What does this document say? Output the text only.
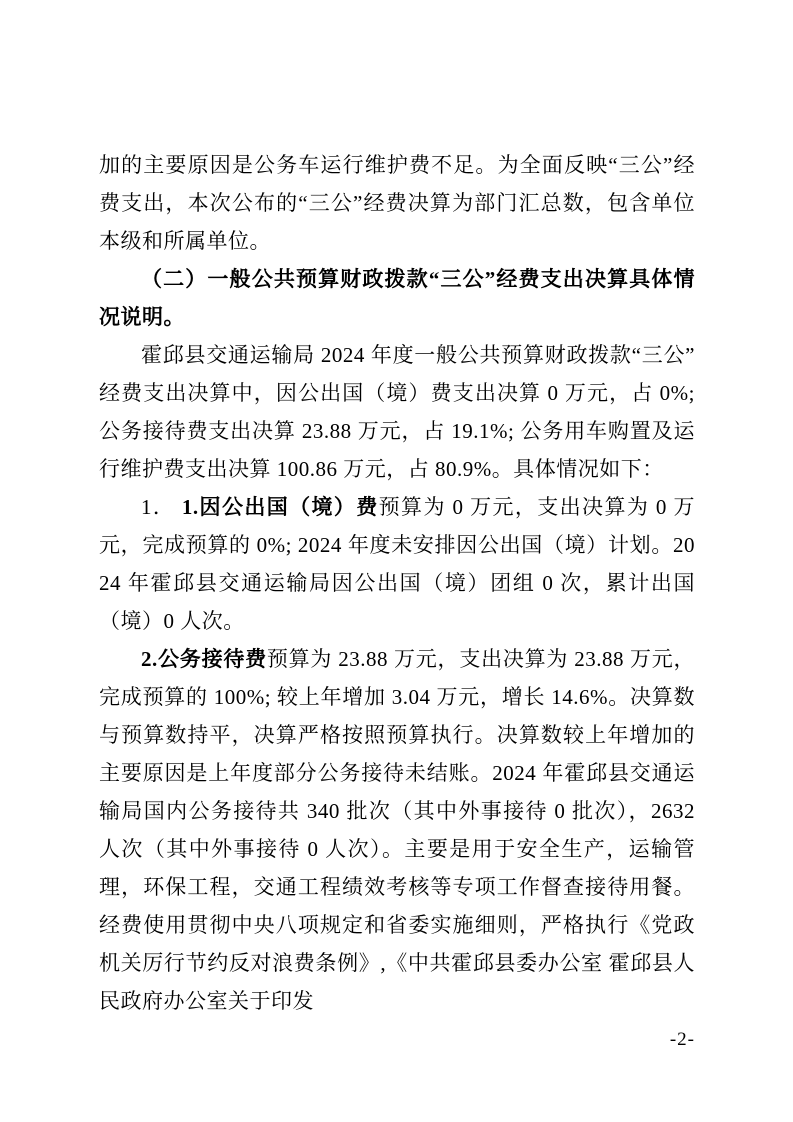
加的主要原因是公务车运行维护费不足。为全面反映“三公”经费支出，本次公布的“三公”经费决算为部门汇总数，包含单位本级和所属单位。

（二）一般公共预算财政拨款“三公”经费支出决算具体情况说明。

霍邱县交通运输局 2024 年度一般公共预算财政拨款“三公”经费支出决算中，因公出国（境）费支出决算 0 万元，占 0%; 公务接待费支出决算 23.88 万元，占 19.1%; 公务用车购置及运行维护费支出决算 100.86 万元，占 80.9%。具体情况如下：

1． 1.因公出国（境）费预算为 0 万元，支出决算为 0 万元，完成预算的 0%; 2024 年度未安排因公出国（境）计划。2024 年霍邱县交通运输局因公出国（境）团组 0 次，累计出国（境）0 人次。

2.公务接待费预算为 23.88 万元，支出决算为 23.88 万元，完成预算的 100%; 较上年增加 3.04 万元，增长 14.6%。决算数与预算数持平，决算严格按照预算执行。决算数较上年增加的主要原因是上年度部分公务接待未结账。2024 年霍邱县交通运输局国内公务接待共 340 批次（其中外事接待 0 批次），2632 人次（其中外事接待 0 人次）。主要是用于安全生产，运输管理，环保工程，交通工程绩效考核等专项工作督查接待用餐。经费使用贯彻中央八项规定和省委实施细则，严格执行《党政机关厉行节约反对浪费条例》,《中共霍邱县委办公室 霍邱县人民政府办公室关于印发

-2-
